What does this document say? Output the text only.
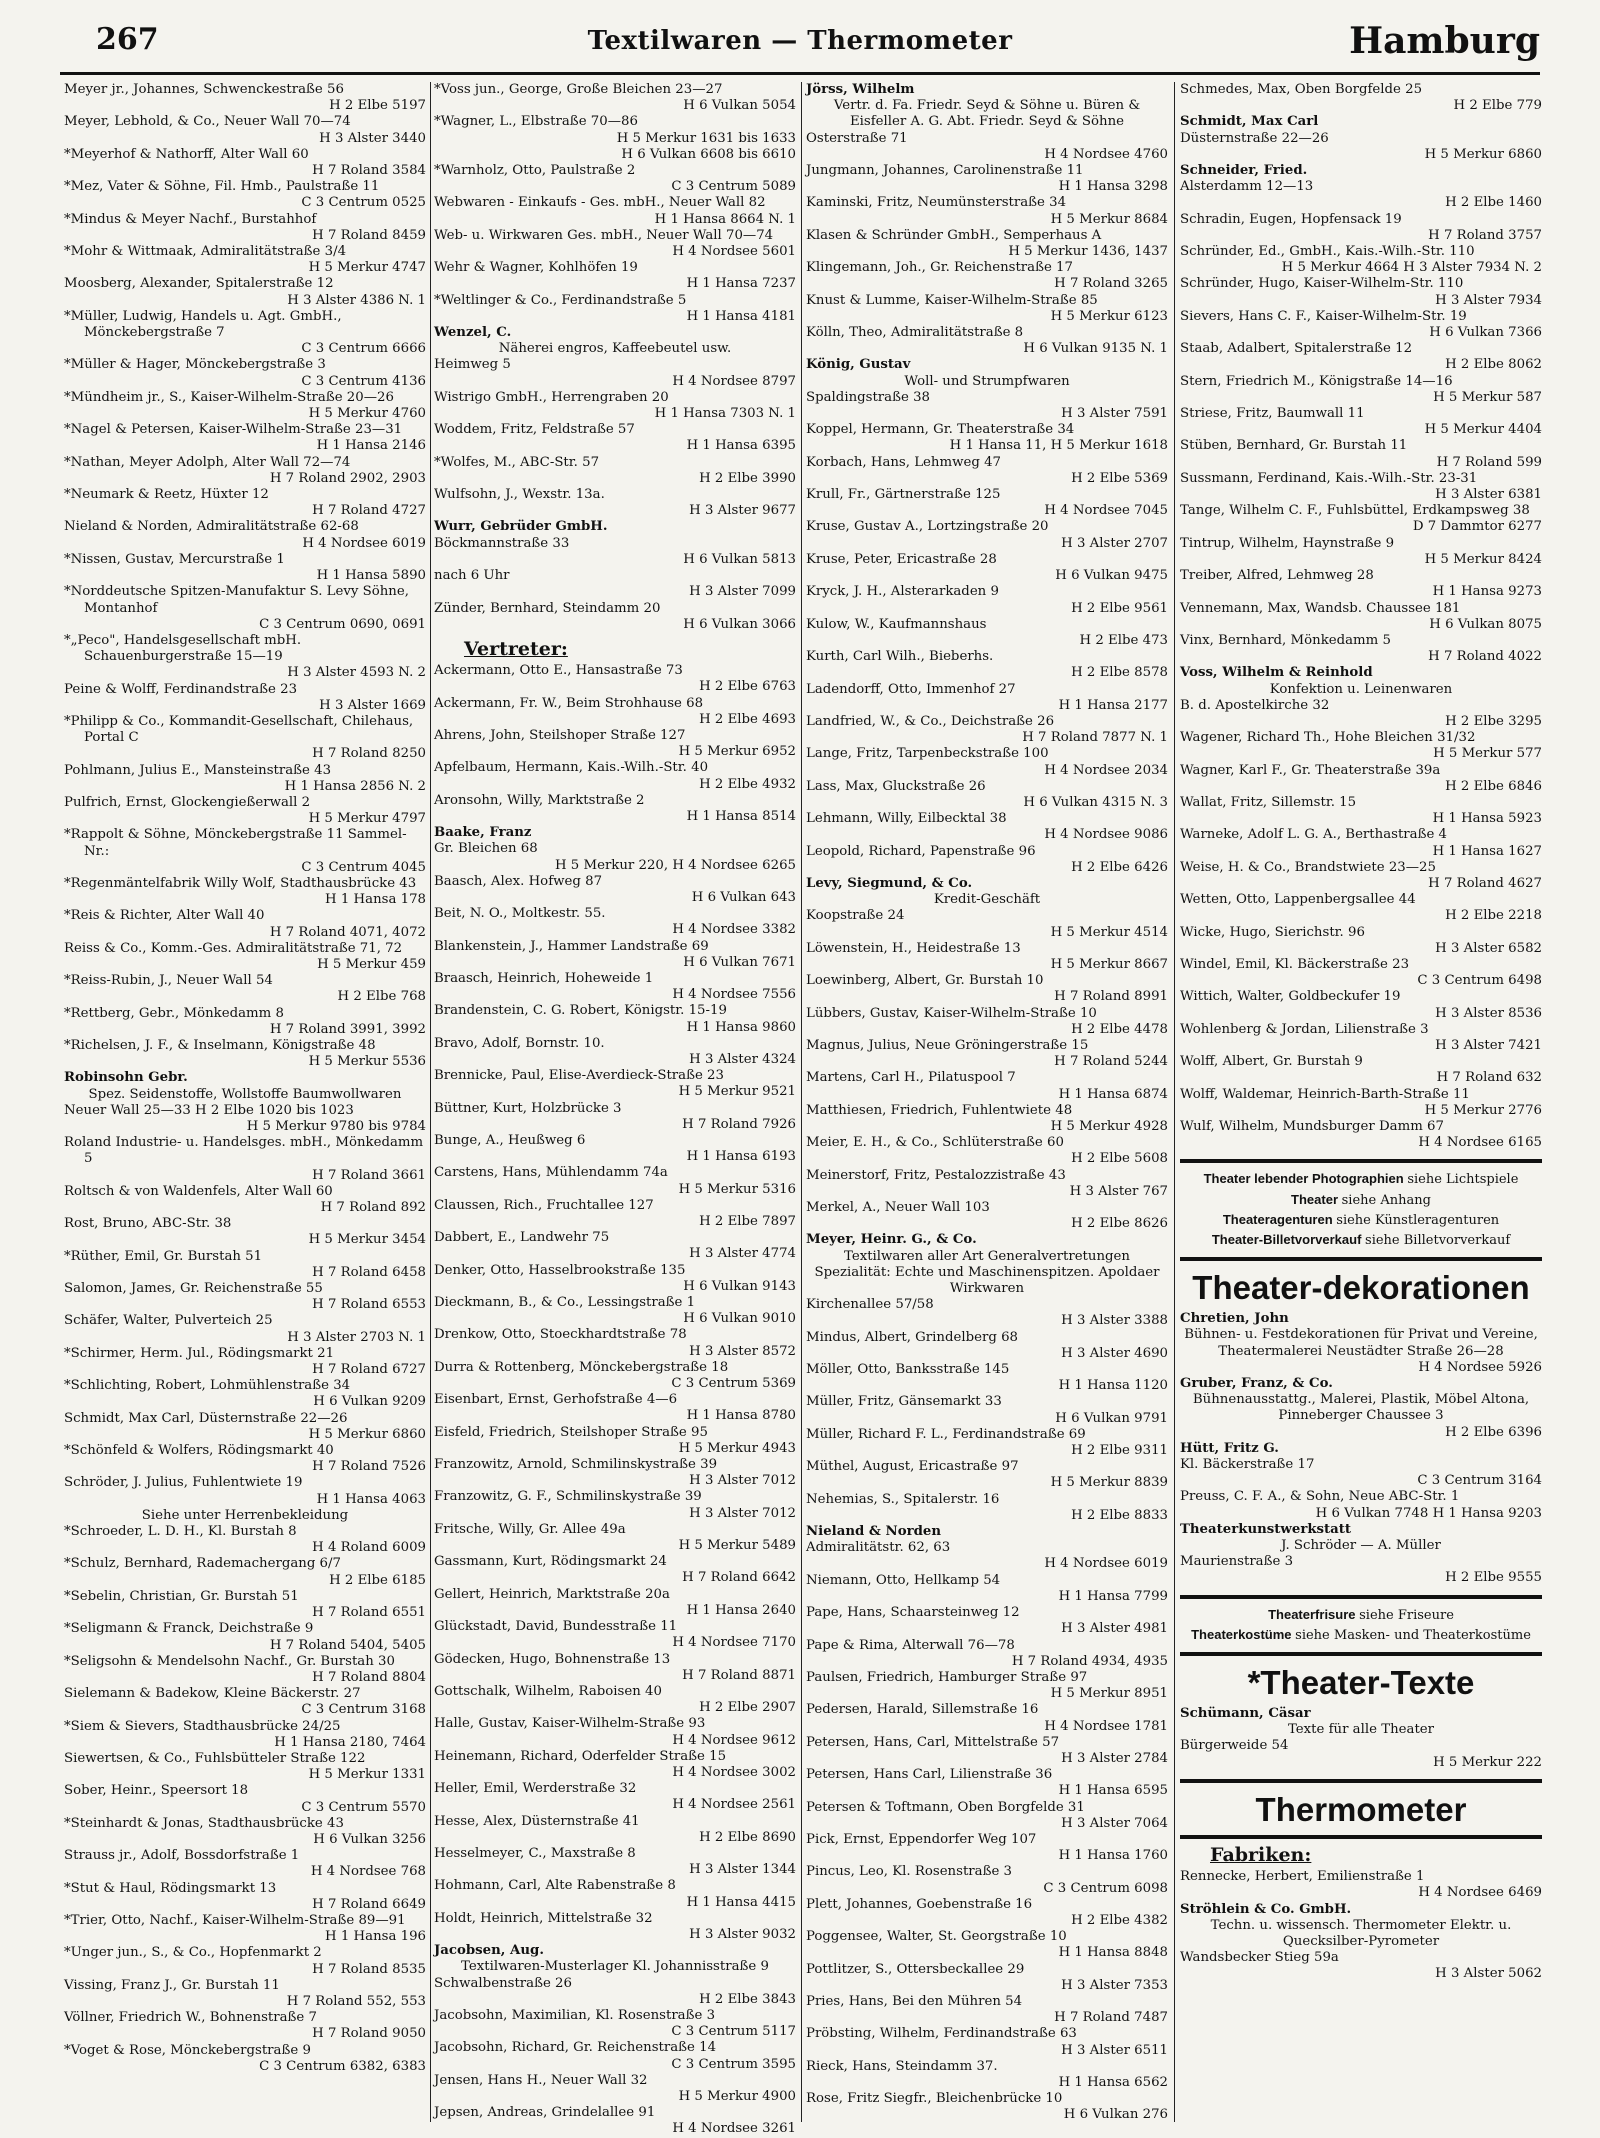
267	Textilwaren — Thermometer	Hamburg
Meyer jr., Johannes, Schwenckestraße 56
H 2 Elbe 5197
Meyer, Lebhold, & Co., Neuer Wall 70—74
H 3 Alster 3440
*Meyerhof & Nathorff, Alter Wall 60
H 7 Roland 3584
*Mez, Vater & Söhne, Fil. Hmb., Paulstraße 11
C 3 Centrum 0525
*Mindus & Meyer Nachf., Burstahhof
H 7 Roland 8459
*Mohr & Wittmaak, Admiralitätstraße 3/4
H 5 Merkur 4747
Moosberg, Alexander, Spitalerstraße 12
H 3 Alster 4386 N. 1
*Müller, Ludwig, Handels u. Agt. GmbH., Mönckebergstraße 7
C 3 Centrum 6666
*Müller & Hager, Mönckebergstraße 3
C 3 Centrum 4136
*Mündheim jr., S., Kaiser-Wilhelm-Straße 20—26
H 5 Merkur 4760
*Nagel & Petersen, Kaiser-Wilhelm-Straße 23—31
H 1 Hansa 2146
*Nathan, Meyer Adolph, Alter Wall 72—74
H 7 Roland 2902, 2903
*Neumark & Reetz, Hüxter 12
H 7 Roland 4727
Nieland & Norden, Admiralitätstraße 62-68
H 4 Nordsee 6019
*Nissen, Gustav, Mercurstraße 1
H 1 Hansa 5890
*Norddeutsche Spitzen-Manufaktur S. Levy Söhne, Montanhof
C 3 Centrum 0690, 0691
*„Peco", Handelsgesellschaft mbH. Schauenburgerstraße 15—19
H 3 Alster 4593 N. 2
Peine & Wolff, Ferdinandstraße 23
H 3 Alster 1669
*Philipp & Co., Kommandit-Gesellschaft, Chilehaus, Portal C
H 7 Roland 8250
Pohlmann, Julius E., Mansteinstraße 43
H 1 Hansa 2856 N. 2
Pulfrich, Ernst, Glockengießerwall 2
H 5 Merkur 4797
*Rappolt & Söhne, Mönckebergstraße 11 Sammel-Nr.:
C 3 Centrum 4045
*Regenmäntelfabrik Willy Wolf, Stadthausbrücke 43
H 1 Hansa 178
*Reis & Richter, Alter Wall 40
H 7 Roland 4071, 4072
Reiss & Co., Komm.-Ges. Admiralitätstraße 71, 72
H 5 Merkur 459
*Reiss-Rubin, J., Neuer Wall 54
H 2 Elbe 768
*Rettberg, Gebr., Mönkedamm 8
H 7 Roland 3991, 3992
*Richelsen, J. F., & Inselmann, Königstraße 48
H 5 Merkur 5536
Robinsohn Gebr.
Spez. Seidenstoffe, Wollstoffe Baumwollwaren
Neuer Wall 25—33 H 2 Elbe 1020 bis 1023
H 5 Merkur 9780 bis 9784
Roland Industrie- u. Handelsges. mbH., Mönkedamm 5
H 7 Roland 3661
Roltsch & von Waldenfels, Alter Wall 60
H 7 Roland 892
Rost, Bruno, ABC-Str. 38
H 5 Merkur 3454
*Rüther, Emil, Gr. Burstah 51
H 7 Roland 6458
Salomon, James, Gr. Reichenstraße 55
H 7 Roland 6553
Schäfer, Walter, Pulverteich 25
H 3 Alster 2703 N. 1
*Schirmer, Herm. Jul., Rödingsmarkt 21
H 7 Roland 6727
*Schlichting, Robert, Lohmühlenstraße 34
H 6 Vulkan 9209
Schmidt, Max Carl, Düsternstraße 22—26
H 5 Merkur 6860
*Schönfeld & Wolfers, Rödingsmarkt 40
H 7 Roland 7526
Schröder, J. Julius, Fuhlentwiete 19
H 1 Hansa 4063
Siehe unter Herrenbekleidung
*Schroeder, L. D. H., Kl. Burstah 8
H 4 Roland 6009
*Schulz, Bernhard, Rademachergang 6/7
H 2 Elbe 6185
*Sebelin, Christian, Gr. Burstah 51
H 7 Roland 6551
*Seligmann & Franck, Deichstraße 9
H 7 Roland 5404, 5405
*Seligsohn & Mendelsohn Nachf., Gr. Burstah 30
H 7 Roland 8804
Sielemann & Badekow, Kleine Bäckerstr. 27
C 3 Centrum 3168
*Siem & Sievers, Stadthausbrücke 24/25
H 1 Hansa 2180, 7464
Siewertsen, & Co., Fuhlsbütteler Straße 122
H 5 Merkur 1331
Sober, Heinr., Speersort 18
C 3 Centrum 5570
*Steinhardt & Jonas, Stadthausbrücke 43
H 6 Vulkan 3256
Strauss jr., Adolf, Bossdorfstraße 1
H 4 Nordsee 768
*Stut & Haul, Rödingsmarkt 13
H 7 Roland 6649
*Trier, Otto, Nachf., Kaiser-Wilhelm-Straße 89—91
H 1 Hansa 196
*Unger jun., S., & Co., Hopfenmarkt 2
H 7 Roland 8535
Vissing, Franz J., Gr. Burstah 11
H 7 Roland 552, 553
Völlner, Friedrich W., Bohnenstraße 7
H 7 Roland 9050
*Voget & Rose, Mönckebergstraße 9
C 3 Centrum 6382, 6383
*Voss jun., George, Große Bleichen 23—27
H 6 Vulkan 5054
*Wagner, L., Elbstraße 70—86
H 5 Merkur 1631 bis 1633
H 6 Vulkan 6608 bis 6610
*Warnholz, Otto, Paulstraße 2
C 3 Centrum 5089
Webwaren - Einkaufs - Ges. mbH., Neuer Wall 82
H 1 Hansa 8664 N. 1
Web- u. Wirkwaren Ges. mbH., Neuer Wall 70—74
H 4 Nordsee 5601
Wehr & Wagner, Kohlhöfen 19
H 1 Hansa 7237
*Weltlinger & Co., Ferdinandstraße 5
H 1 Hansa 4181
Wenzel, C.
Näherei engros, Kaffeebeutel usw.
Heimweg 5
H 4 Nordsee 8797
Wistrigo GmbH., Herrengraben 20
H 1 Hansa 7303 N. 1
Woddem, Fritz, Feldstraße 57
H 1 Hansa 6395
*Wolfes, M., ABC-Str. 57
H 2 Elbe 3990
Wulfsohn, J., Wexstr. 13a.
H 3 Alster 9677
Wurr, Gebrüder GmbH.
Böckmannstraße 33
H 6 Vulkan 5813
nach 6 Uhr
H 3 Alster 7099
Zünder, Bernhard, Steindamm 20
H 6 Vulkan 3066
Vertreter:
Ackermann, Otto E., Hansastraße 73
H 2 Elbe 6763
Ackermann, Fr. W., Beim Strohhause 68
H 2 Elbe 4693
Ahrens, John, Steilshoper Straße 127
H 5 Merkur 6952
Apfelbaum, Hermann, Kais.-Wilh.-Str. 40
H 2 Elbe 4932
Aronsohn, Willy, Marktstraße 2
H 1 Hansa 8514
Baake, Franz
Gr. Bleichen 68
H 5 Merkur 220, H 4 Nordsee 6265
Baasch, Alex. Hofweg 87
H 6 Vulkan 643
Beit, N. O., Moltkestr. 55.
H 4 Nordsee 3382
Blankenstein, J., Hammer Landstraße 69
H 6 Vulkan 7671
Braasch, Heinrich, Hoheweide 1
H 4 Nordsee 7556
Brandenstein, C. G. Robert, Königstr. 15-19
H 1 Hansa 9860
Bravo, Adolf, Bornstr. 10.
H 3 Alster 4324
Brennicke, Paul, Elise-Averdieck-Straße 23
H 5 Merkur 9521
Büttner, Kurt, Holzbrücke 3
H 7 Roland 7926
Bunge, A., Heußweg 6
H 1 Hansa 6193
Carstens, Hans, Mühlendamm 74a
H 5 Merkur 5316
Claussen, Rich., Fruchtallee 127
H 2 Elbe 7897
Dabbert, E., Landwehr 75
H 3 Alster 4774
Denker, Otto, Hasselbrookstraße 135
H 6 Vulkan 9143
Dieckmann, B., & Co., Lessingstraße 1
H 6 Vulkan 9010
Drenkow, Otto, Stoeckhardtstraße 78
H 3 Alster 8572
Durra & Rottenberg, Mönckebergstraße 18
C 3 Centrum 5369
Eisenbart, Ernst, Gerhofstraße 4—6
H 1 Hansa 8780
Eisfeld, Friedrich, Steilshoper Straße 95
H 5 Merkur 4943
Franzowitz, Arnold, Schmilinskystraße 39
H 3 Alster 7012
Franzowitz, G. F., Schmilinskystraße 39
H 3 Alster 7012
Fritsche, Willy, Gr. Allee 49a
H 5 Merkur 5489
Gassmann, Kurt, Rödingsmarkt 24
H 7 Roland 6642
Gellert, Heinrich, Marktstraße 20a
H 1 Hansa 2640
Glückstadt, David, Bundesstraße 11
H 4 Nordsee 7170
Gödecken, Hugo, Bohnenstraße 13
H 7 Roland 8871
Gottschalk, Wilhelm, Raboisen 40
H 2 Elbe 2907
Halle, Gustav, Kaiser-Wilhelm-Straße 93
H 4 Nordsee 9612
Heinemann, Richard, Oderfelder Straße 15
H 4 Nordsee 3002
Heller, Emil, Werderstraße 32
H 4 Nordsee 2561
Hesse, Alex, Düsternstraße 41
H 2 Elbe 8690
Hesselmeyer, C., Maxstraße 8
H 3 Alster 1344
Hohmann, Carl, Alte Rabenstraße 8
H 1 Hansa 4415
Holdt, Heinrich, Mittelstraße 32
H 3 Alster 9032
Jacobsen, Aug.
Textilwaren-Musterlager Kl. Johannisstraße 9
Schwalbenstraße 26
H 2 Elbe 3843
Jacobsohn, Maximilian, Kl. Rosenstraße 3
C 3 Centrum 5117
Jacobsohn, Richard, Gr. Reichenstraße 14
C 3 Centrum 3595
Jensen, Hans H., Neuer Wall 32
H 5 Merkur 4900
Jepsen, Andreas, Grindelallee 91
H 4 Nordsee 3261
Jörss, Wilhelm
Vertr. d. Fa. Friedr. Seyd & Söhne u. Büren & Eisfeller A. G. Abt. Friedr. Seyd & Söhne
Osterstraße 71
H 4 Nordsee 4760
Jungmann, Johannes, Carolinenstraße 11
H 1 Hansa 3298
Kaminski, Fritz, Neumünsterstraße 34
H 5 Merkur 8684
Klasen & Schründer GmbH., Semperhaus A
H 5 Merkur 1436, 1437
Klingemann, Joh., Gr. Reichenstraße 17
H 7 Roland 3265
Knust & Lumme, Kaiser-Wilhelm-Straße 85
H 5 Merkur 6123
Kölln, Theo, Admiralitätstraße 8
H 6 Vulkan 9135 N. 1
König, Gustav
Woll- und Strumpfwaren
Spaldingstraße 38
H 3 Alster 7591
Koppel, Hermann, Gr. Theaterstraße 34
H 1 Hansa 11, H 5 Merkur 1618
Korbach, Hans, Lehmweg 47
H 2 Elbe 5369
Krull, Fr., Gärtnerstraße 125
H 4 Nordsee 7045
Kruse, Gustav A., Lortzingstraße 20
H 3 Alster 2707
Kruse, Peter, Ericastraße 28
H 6 Vulkan 9475
Kryck, J. H., Alsterarkaden 9
H 2 Elbe 9561
Kulow, W., Kaufmannshaus
H 2 Elbe 473
Kurth, Carl Wilh., Bieberhs.
H 2 Elbe 8578
Ladendorff, Otto, Immenhof 27
H 1 Hansa 2177
Landfried, W., & Co., Deichstraße 26
H 7 Roland 7877 N. 1
Lange, Fritz, Tarpenbeckstraße 100
H 4 Nordsee 2034
Lass, Max, Gluckstraße 26
H 6 Vulkan 4315 N. 3
Lehmann, Willy, Eilbecktal 38
H 4 Nordsee 9086
Leopold, Richard, Papenstraße 96
H 2 Elbe 6426
Levy, Siegmund, & Co.
Kredit-Geschäft
Koopstraße 24
H 5 Merkur 4514
Löwenstein, H., Heidestraße 13
H 5 Merkur 8667
Loewinberg, Albert, Gr. Burstah 10
H 7 Roland 8991
Lübbers, Gustav, Kaiser-Wilhelm-Straße 10
H 2 Elbe 4478
Magnus, Julius, Neue Gröningerstraße 15
H 7 Roland 5244
Martens, Carl H., Pilatuspool 7
H 1 Hansa 6874
Matthiesen, Friedrich, Fuhlentwiete 48
H 5 Merkur 4928
Meier, E. H., & Co., Schlüterstraße 60
H 2 Elbe 5608
Meinerstorf, Fritz, Pestalozzistraße 43
H 3 Alster 767
Merkel, A., Neuer Wall 103
H 2 Elbe 8626
Meyer, Heinr. G., & Co.
Textilwaren aller Art Generalvertretungen Spezialität: Echte und Maschinenspitzen. Apoldaer Wirkwaren
Kirchenallee 57/58
H 3 Alster 3388
Mindus, Albert, Grindelberg 68
H 3 Alster 4690
Möller, Otto, Banksstraße 145
H 1 Hansa 1120
Müller, Fritz, Gänsemarkt 33
H 6 Vulkan 9791
Müller, Richard F. L., Ferdinandstraße 69
H 2 Elbe 9311
Müthel, August, Ericastraße 97
H 5 Merkur 8839
Nehemias, S., Spitalerstr. 16
H 2 Elbe 8833
Nieland & Norden
Admiralitätstr. 62, 63
H 4 Nordsee 6019
Niemann, Otto, Hellkamp 54
H 1 Hansa 7799
Pape, Hans, Schaarsteinweg 12
H 3 Alster 4981
Pape & Rima, Alterwall 76—78
H 7 Roland 4934, 4935
Paulsen, Friedrich, Hamburger Straße 97
H 5 Merkur 8951
Pedersen, Harald, Sillemstraße 16
H 4 Nordsee 1781
Petersen, Hans, Carl, Mittelstraße 57
H 3 Alster 2784
Petersen, Hans Carl, Lilienstraße 36
H 1 Hansa 6595
Petersen & Toftmann, Oben Borgfelde 31
H 3 Alster 7064
Pick, Ernst, Eppendorfer Weg 107
H 1 Hansa 1760
Pincus, Leo, Kl. Rosenstraße 3
C 3 Centrum 6098
Plett, Johannes, Goebenstraße 16
H 2 Elbe 4382
Poggensee, Walter, St. Georgstraße 10
H 1 Hansa 8848
Pottlitzer, S., Ottersbeckallee 29
H 3 Alster 7353
Pries, Hans, Bei den Mühren 54
H 7 Roland 7487
Pröbsting, Wilhelm, Ferdinandstraße 63
H 3 Alster 6511
Rieck, Hans, Steindamm 37.
H 1 Hansa 6562
Rose, Fritz Siegfr., Bleichenbrücke 10
H 6 Vulkan 276
Schmedes, Max, Oben Borgfelde 25
H 2 Elbe 779
Schmidt, Max Carl
Düsternstraße 22—26
H 5 Merkur 6860
Schneider, Fried.
Alsterdamm 12—13
H 2 Elbe 1460
Schradin, Eugen, Hopfensack 19
H 7 Roland 3757
Schründer, Ed., GmbH., Kais.-Wilh.-Str. 110
H 5 Merkur 4664 H 3 Alster 7934 N. 2
Schründer, Hugo, Kaiser-Wilhelm-Str. 110
H 3 Alster 7934
Sievers, Hans C. F., Kaiser-Wilhelm-Str. 19
H 6 Vulkan 7366
Staab, Adalbert, Spitalerstraße 12
H 2 Elbe 8062
Stern, Friedrich M., Königstraße 14—16
H 5 Merkur 587
Striese, Fritz, Baumwall 11
H 5 Merkur 4404
Stüben, Bernhard, Gr. Burstah 11
H 7 Roland 599
Sussmann, Ferdinand, Kais.-Wilh.-Str. 23-31
H 3 Alster 6381
Tange, Wilhelm C. F., Fuhlsbüttel, Erdkampsweg 38
D 7 Dammtor 6277
Tintrup, Wilhelm, Haynstraße 9
H 5 Merkur 8424
Treiber, Alfred, Lehmweg 28
H 1 Hansa 9273
Vennemann, Max, Wandsb. Chaussee 181
H 6 Vulkan 8075
Vinx, Bernhard, Mönkedamm 5
H 7 Roland 4022
Voss, Wilhelm & Reinhold
Konfektion u. Leinenwaren
B. d. Apostelkirche 32
H 2 Elbe 3295
Wagener, Richard Th., Hohe Bleichen 31/32
H 5 Merkur 577
Wagner, Karl F., Gr. Theaterstraße 39a
H 2 Elbe 6846
Wallat, Fritz, Sillemstr. 15
H 1 Hansa 5923
Warneke, Adolf L. G. A., Berthastraße 4
H 1 Hansa 1627
Weise, H. & Co., Brandstwiete 23—25
H 7 Roland 4627
Wetten, Otto, Lappenbergsallee 44
H 2 Elbe 2218
Wicke, Hugo, Sierichstr. 96
H 3 Alster 6582
Windel, Emil, Kl. Bäckerstraße 23
C 3 Centrum 6498
Wittich, Walter, Goldbeckufer 19
H 3 Alster 8536
Wohlenberg & Jordan, Lilienstraße 3
H 3 Alster 7421
Wolff, Albert, Gr. Burstah 9
H 7 Roland 632
Wolff, Waldemar, Heinrich-Barth-Straße 11
H 5 Merkur 2776
Wulf, Wilhelm, Mundsburger Damm 67
H 4 Nordsee 6165
Theater lebender Photographien siehe Lichtspiele
Theater siehe Anhang
Theateragenturen siehe Künstleragenturen
Theater-Billetvorverkauf siehe Billetvorverkauf
Theater-dekorationen
Chretien, John
Bühnen- u. Festdekorationen für Privat und Vereine, Theatermalerei Neustädter Straße 26—28
H 4 Nordsee 5926
Gruber, Franz, & Co.
Bühnenausstattg., Malerei, Plastik, Möbel Altona, Pinneberger Chaussee 3
H 2 Elbe 6396
Hütt, Fritz G.
Kl. Bäckerstraße 17
C 3 Centrum 3164
Preuss, C. F. A., & Sohn, Neue ABC-Str. 1
H 6 Vulkan 7748 H 1 Hansa 9203
Theaterkunstwerkstatt
J. Schröder — A. Müller
Maurienstraße 3
H 2 Elbe 9555
Theaterfrisure siehe Friseure
Theaterkostüme siehe Masken- und Theaterkostüme
*Theater-Texte
Schümann, Cäsar
Texte für alle Theater
Bürgerweide 54
H 5 Merkur 222
Thermometer
Fabriken:
Rennecke, Herbert, Emilienstraße 1
H 4 Nordsee 6469
Ströhlein & Co. GmbH.
Techn. u. wissensch. Thermometer Elektr. u. Quecksilber-Pyrometer
Wandsbecker Stieg 59a
H 3 Alster 5062
